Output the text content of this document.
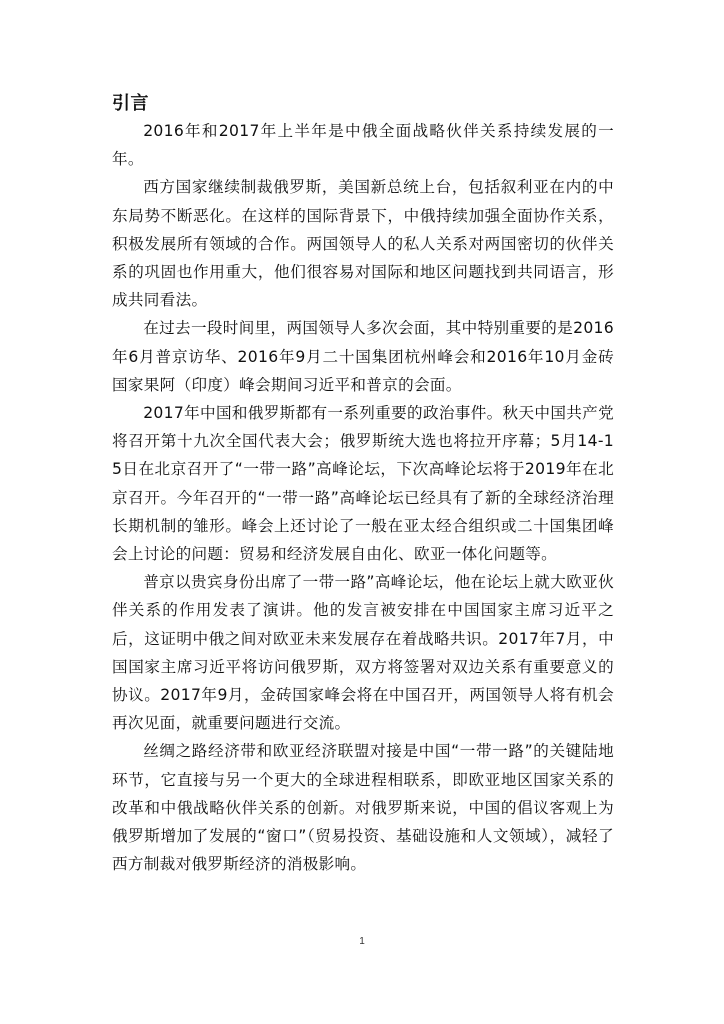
引言

2016年和2017年上半年是中俄全面战略伙伴关系持续发展的一年。

西方国家继续制裁俄罗斯，美国新总统上台，包括叙利亚在内的中东局势不断恶化。在这样的国际背景下，中俄持续加强全面协作关系，积极发展所有领域的合作。两国领导人的私人关系对两国密切的伙伴关系的巩固也作用重大，他们很容易对国际和地区问题找到共同语言，形成共同看法。

在过去一段时间里，两国领导人多次会面，其中特别重要的是2016年6月普京访华、2016年9月二十国集团杭州峰会和2016年10月金砖国家果阿（印度）峰会期间习近平和普京的会面。

2017年中国和俄罗斯都有一系列重要的政治事件。秋天中国共产党将召开第十九次全国代表大会；俄罗斯统大选也将拉开序幕；5月14-15日在北京召开了“一带一路”高峰论坛，下次高峰论坛将于2019年在北京召开。今年召开的“一带一路”高峰论坛已经具有了新的全球经济治理长期机制的雏形。峰会上还讨论了一般在亚太经合组织或二十国集团峰会上讨论的问题：贸易和经济发展自由化、欧亚一体化问题等。

普京以贵宾身份出席了一带一路”高峰论坛，他在论坛上就大欧亚伙伴关系的作用发表了演讲。他的发言被安排在中国国家主席习近平之后，这证明中俄之间对欧亚未来发展存在着战略共识。2017年7月，中国国家主席习近平将访问俄罗斯，双方将签署对双边关系有重要意义的协议。2017年9月，金砖国家峰会将在中国召开，两国领导人将有机会再次见面，就重要问题进行交流。

丝绸之路经济带和欧亚经济联盟对接是中国“一带一路”的关键陆地环节，它直接与另一个更大的全球进程相联系，即欧亚地区国家关系的改革和中俄战略伙伴关系的创新。对俄罗斯来说，中国的倡议客观上为俄罗斯增加了发展的“窗口”（贸易投资、基础设施和人文领域），减轻了西方制裁对俄罗斯经济的消极影响。

1
